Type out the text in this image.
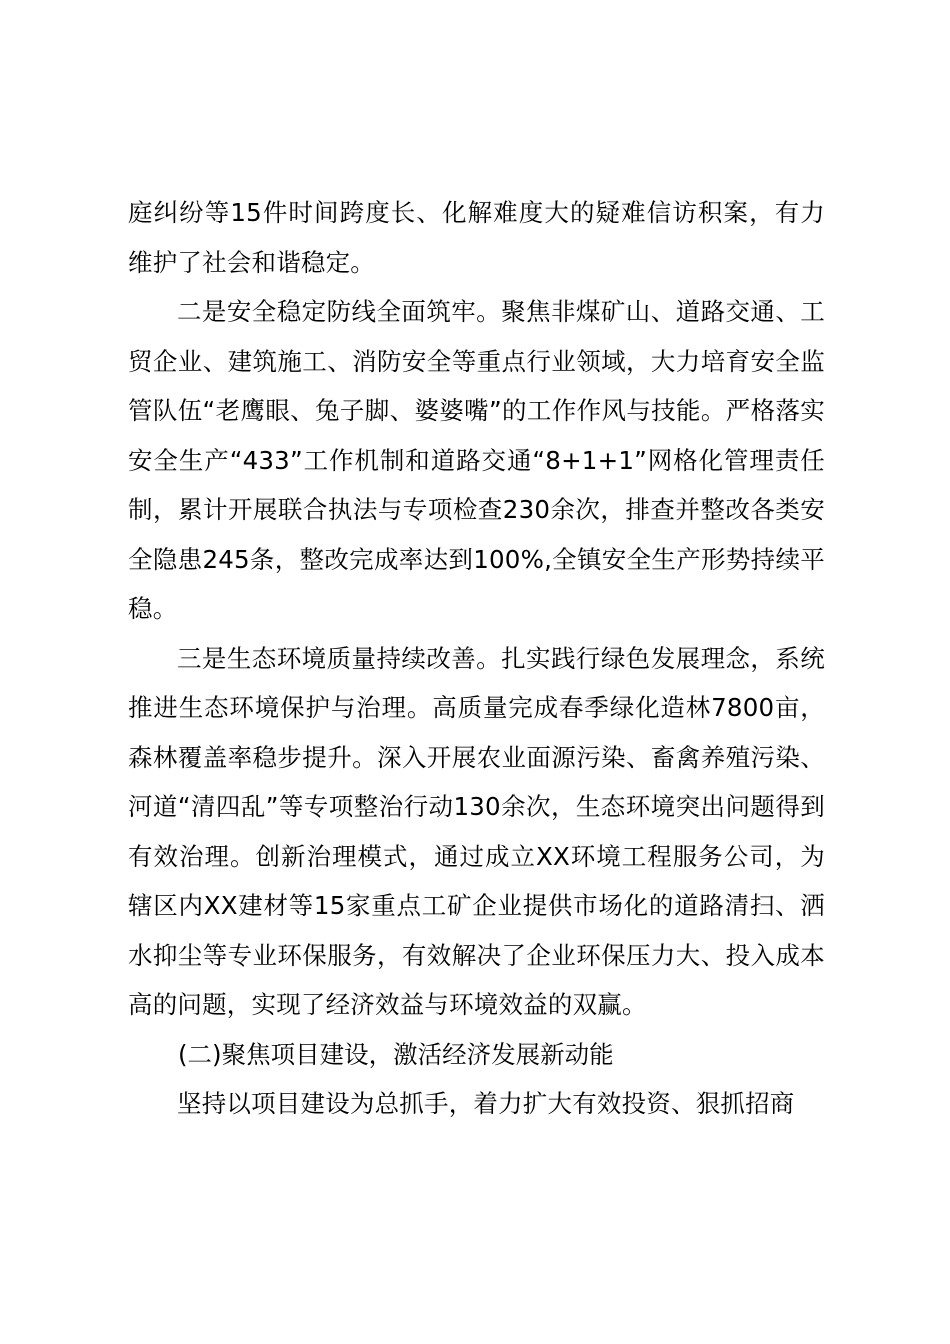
庭纠纷等15件时间跨度长、化解难度大的疑难信访积案，有力维护了社会和谐稳定。

二是安全稳定防线全面筑牢。聚焦非煤矿山、道路交通、工贸企业、建筑施工、消防安全等重点行业领域，大力培育安全监管队伍“老鹰眼、兔子脚、婆婆嘴”的工作作风与技能。严格落实安全生产“433”工作机制和道路交通“8+1+1”网格化管理责任制，累计开展联合执法与专项检查230余次，排查并整改各类安全隐患245条，整改完成率达到100%,全镇安全生产形势持续平稳。

三是生态环境质量持续改善。扎实践行绿色发展理念，系统推进生态环境保护与治理。高质量完成春季绿化造林7800亩，森林覆盖率稳步提升。深入开展农业面源污染、畜禽养殖污染、河道“清四乱”等专项整治行动130余次，生态环境突出问题得到有效治理。创新治理模式，通过成立XX环境工程服务公司，为辖区内XX建材等15家重点工矿企业提供市场化的道路清扫、洒水抑尘等专业环保服务，有效解决了企业环保压力大、投入成本高的问题，实现了经济效益与环境效益的双赢。

(二)聚焦项目建设，激活经济发展新动能

坚持以项目建设为总抓手，着力扩大有效投资、狠抓招商
